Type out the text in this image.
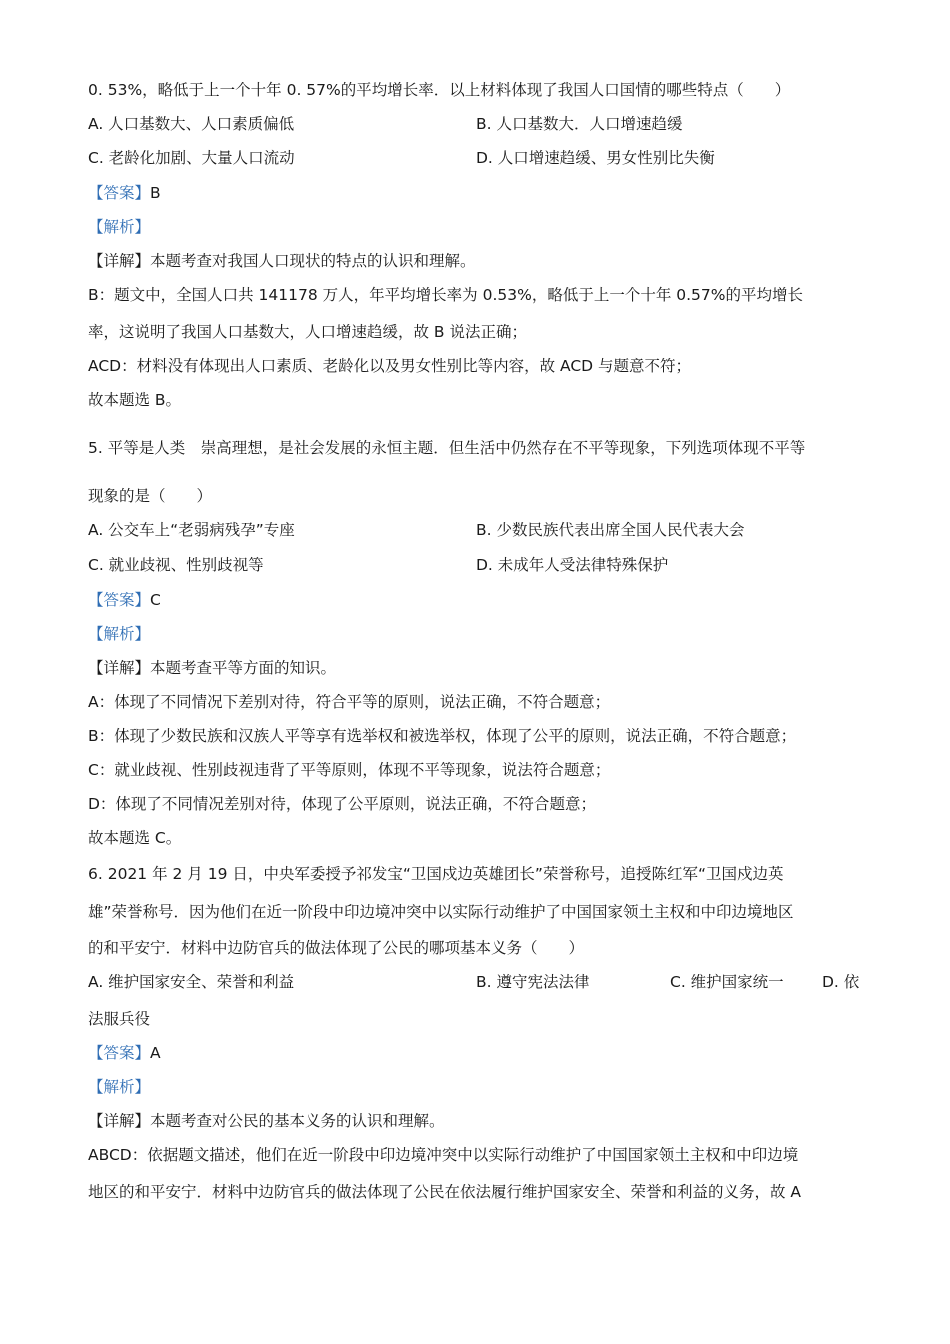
0. 53%，略低于上一个十年 0. 57%的平均增长率．以上材料体现了我国人口国情的哪些特点（　　）
A. 人口基数大、人口素质偏低	B. 人口基数大．人口增速趋缓
C. 老龄化加剧、大量人口流动	D. 人口增速趋缓、男女性别比失衡
【答案】B
【解析】
【详解】本题考查对我国人口现状的特点的认识和理解。
B：题文中，全国人口共 141178 万人，年平均增长率为 0.53%，略低于上一个十年 0.57%的平均增长
率，这说明了我国人口基数大，人口增速趋缓，故 B 说法正确；
ACD：材料没有体现出人口素质、老龄化以及男女性别比等内容，故 ACD 与题意不符；
故本题选 B。
5. 平等是人类　崇高理想，是社会发展的永恒主题．但生活中仍然存在不平等现象，下列选项体现不平等
现象的是（　　）
A. 公交车上“老弱病残孕”专座	B. 少数民族代表出席全国人民代表大会
C. 就业歧视、性别歧视等	D. 未成年人受法律特殊保护
【答案】C
【解析】
【详解】本题考查平等方面的知识。
A：体现了不同情况下差别对待，符合平等的原则，说法正确，不符合题意；
B：体现了少数民族和汉族人平等享有选举权和被选举权，体现了公平的原则，说法正确，不符合题意；
C：就业歧视、性别歧视违背了平等原则，体现不平等现象，说法符合题意；
D：体现了不同情况差别对待，体现了公平原则，说法正确，不符合题意；
故本题选 C。
6. 2021 年 2 月 19 日，中央军委授予祁发宝“卫国戍边英雄团长”荣誉称号，追授陈红军“卫国戍边英
雄”荣誉称号．因为他们在近一阶段中印边境冲突中以实际行动维护了中国国家领土主权和中印边境地区
的和平安宁．材料中边防官兵的做法体现了公民的哪项基本义务（　　）
A. 维护国家安全、荣誉和利益	B. 遵守宪法法律	C. 维护国家统一 D. 依
法服兵役
【答案】A
【解析】
【详解】本题考查对公民的基本义务的认识和理解。
ABCD：依据题文描述，他们在近一阶段中印边境冲突中以实际行动维护了中国国家领土主权和中印边境
地区的和平安宁．材料中边防官兵的做法体现了公民在依法履行维护国家安全、荣誉和利益的义务，故 A
